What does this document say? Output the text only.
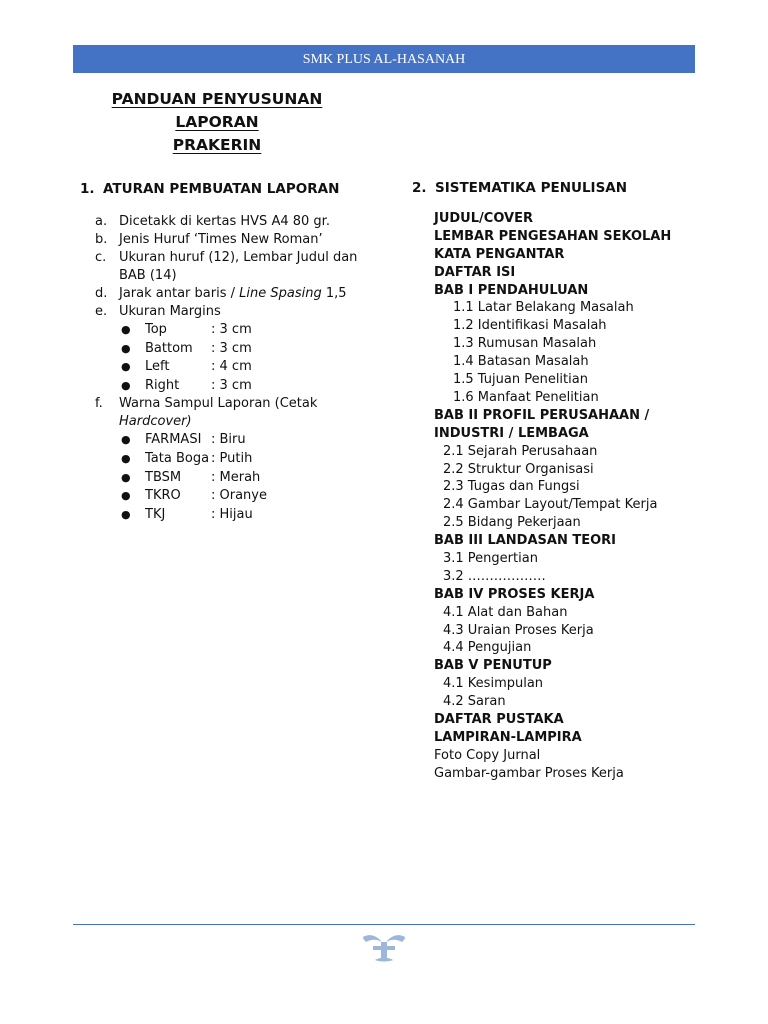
SMK PLUS AL-HASANAH
PANDUAN PENYUSUNAN LAPORAN
PRAKERIN
1. ATURAN PEMBUATAN LAPORAN
a. Dicetakk di kertas HVS A4 80 gr.
b. Jenis Huruf ‘Times New Roman’
c. Ukuran huruf (12), Lembar Judul dan BAB (14)
d. Jarak antar baris / Line Spasing 1,5
e. Ukuran Margins
●	Top	: 3 cm
●	Battom	: 3 cm
●	Left	: 4 cm
●	Right	: 3 cm
f.	Warna Sampul Laporan (Cetak Hardcover)
●	FARMASI : Biru
●	Tata Boga : Putih
●	TBSM	: Merah
●	TKRO	: Oranye
●	TKJ	: Hijau
2. SISTEMATIKA PENULISAN
JUDUL/COVER
LEMBAR PENGESAHAN SEKOLAH
KATA PENGANTAR
DAFTAR ISI
BAB I PENDAHULUAN
1.1 Latar Belakang Masalah
1.2 Identifikasi Masalah
1.3 Rumusan Masalah
1.4 Batasan Masalah
1.5 Tujuan Penelitian
1.6 Manfaat Penelitian
BAB II PROFIL PERUSAHAAN / INDUSTRI / LEMBAGA
2.1 Sejarah Perusahaan
2.2 Struktur Organisasi
2.3 Tugas dan Fungsi
2.4 Gambar Layout/Tempat Kerja
2.5 Bidang Pekerjaan
BAB III LANDASAN TEORI
3.1 Pengertian
3.2 ………………
BAB IV PROSES KERJA
4.1 Alat dan Bahan
4.3 Uraian Proses Kerja
4.4 Pengujian
BAB V PENUTUP
4.1 Kesimpulan
4.2 Saran
DAFTAR PUSTAKA
LAMPIRAN-LAMPIRA
Foto Copy Jurnal
Gambar-gambar Proses Kerja
